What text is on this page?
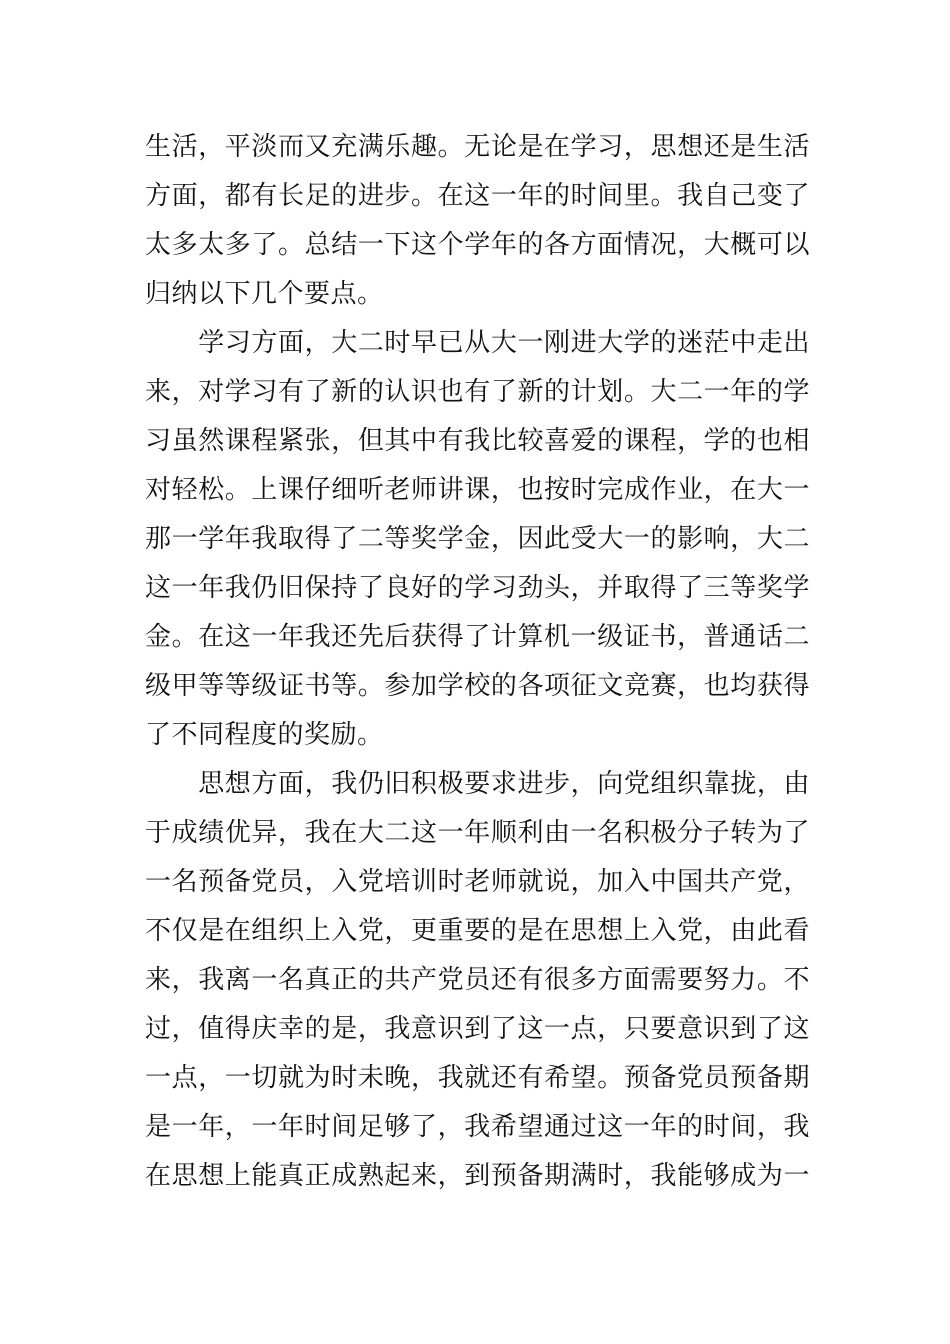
生活，平淡而又充满乐趣。无论是在学习，思想还是生活
方面，都有长足的进步。在这一年的时间里。我自己变了
太多太多了。总结一下这个学年的各方面情况，大概可以
归纳以下几个要点。
　　学习方面，大二时早已从大一刚进大学的迷茫中走出
来，对学习有了新的认识也有了新的计划。大二一年的学
习虽然课程紧张，但其中有我比较喜爱的课程，学的也相
对轻松。上课仔细听老师讲课，也按时完成作业，在大一
那一学年我取得了二等奖学金，因此受大一的影响，大二
这一年我仍旧保持了良好的学习劲头，并取得了三等奖学
金。在这一年我还先后获得了计算机一级证书，普通话二
级甲等等级证书等。参加学校的各项征文竞赛，也均获得
了不同程度的奖励。
　　思想方面，我仍旧积极要求进步，向党组织靠拢，由
于成绩优异，我在大二这一年顺利由一名积极分子转为了
一名预备党员，入党培训时老师就说，加入中国共产党，
不仅是在组织上入党，更重要的是在思想上入党，由此看
来，我离一名真正的共产党员还有很多方面需要努力。不
过，值得庆幸的是，我意识到了这一点，只要意识到了这
一点，一切就为时未晚，我就还有希望。预备党员预备期
是一年，一年时间足够了，我希望通过这一年的时间，我
在思想上能真正成熟起来，到预备期满时，我能够成为一
